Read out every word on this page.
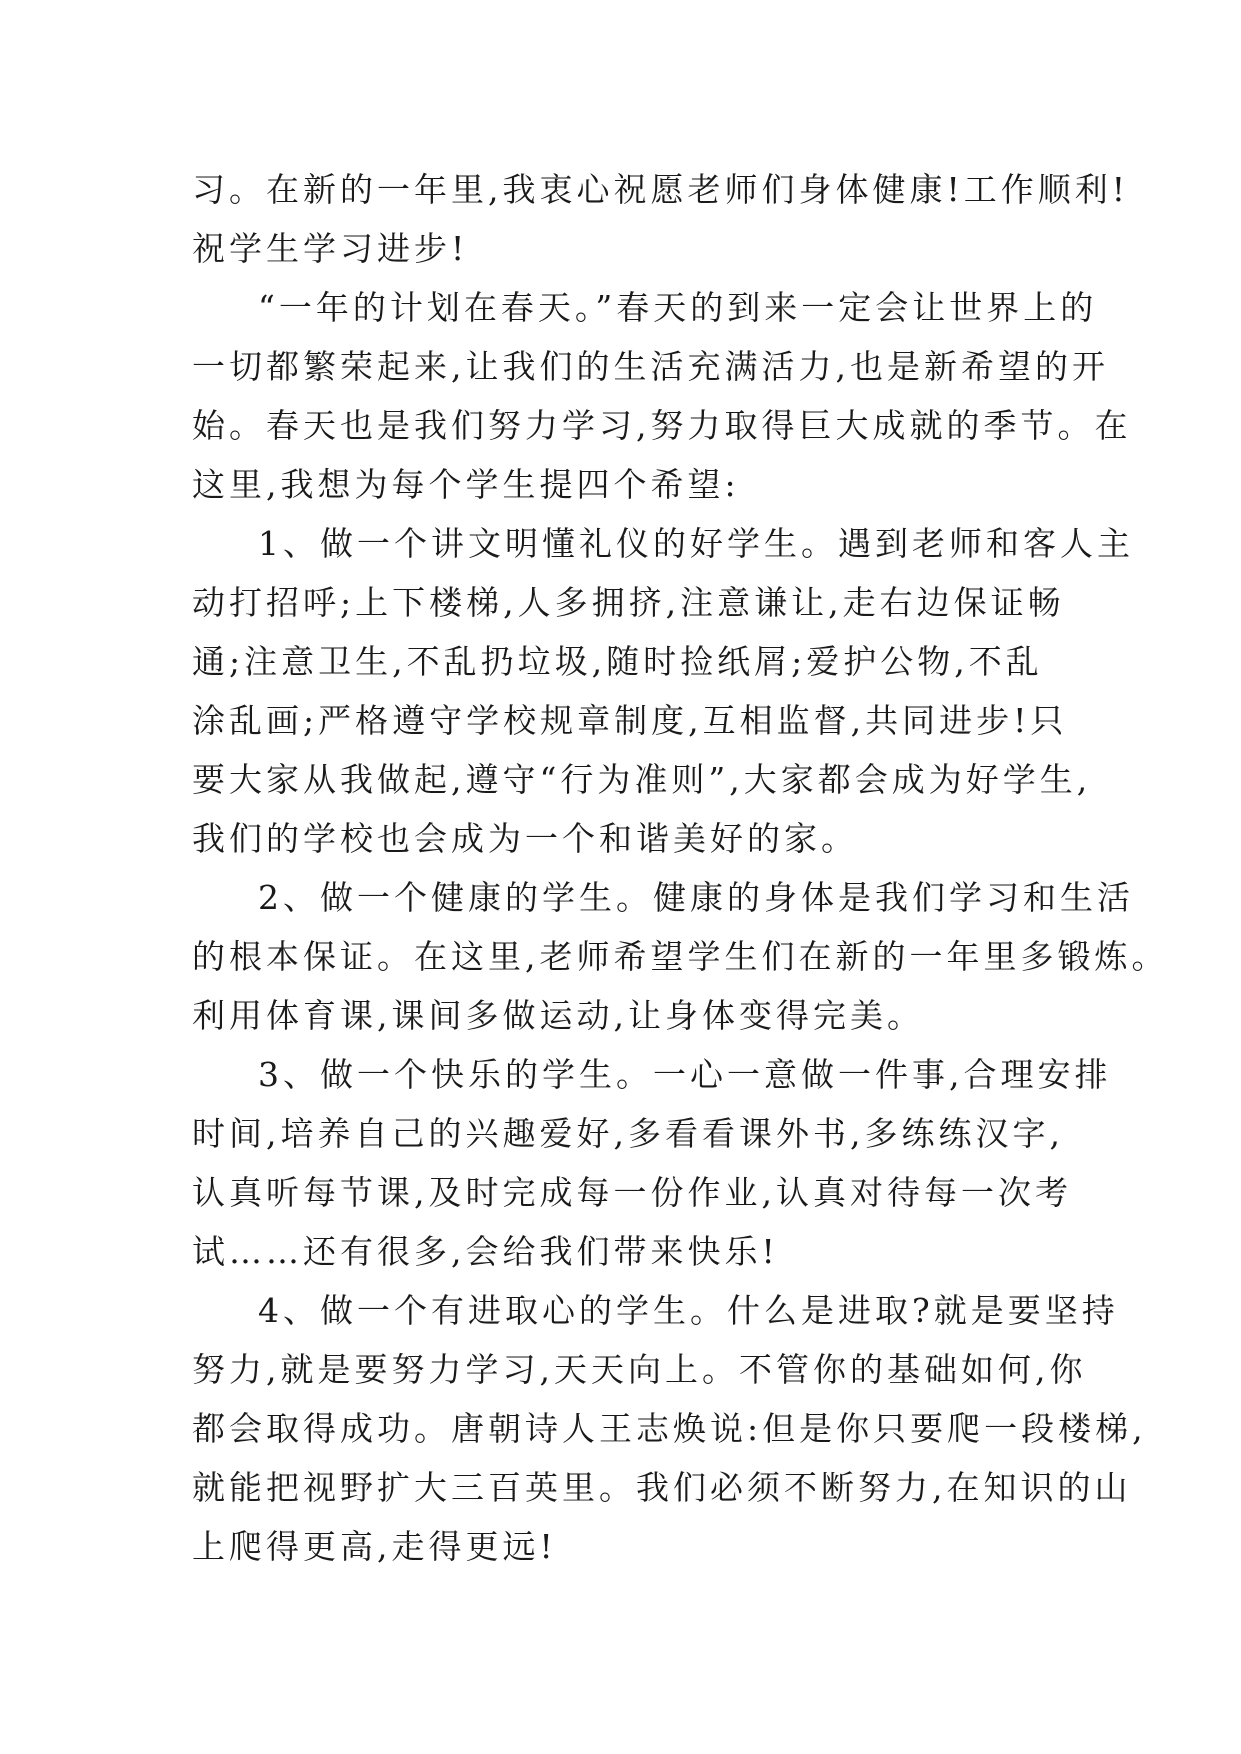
习。在新的一年里,我衷心祝愿老师们身体健康!工作顺利!
祝学生学习进步!
“一年的计划在春天。”春天的到来一定会让世界上的
一切都繁荣起来,让我们的生活充满活力,也是新希望的开
始。春天也是我们努力学习,努力取得巨大成就的季节。在
这里,我想为每个学生提四个希望:
1、做一个讲文明懂礼仪的好学生。遇到老师和客人主
动打招呼;上下楼梯,人多拥挤,注意谦让,走右边保证畅
通;注意卫生,不乱扔垃圾,随时捡纸屑;爱护公物,不乱
涂乱画;严格遵守学校规章制度,互相监督,共同进步!只
要大家从我做起,遵守“行为准则”,大家都会成为好学生,
我们的学校也会成为一个和谐美好的家。
2、做一个健康的学生。健康的身体是我们学习和生活
的根本保证。在这里,老师希望学生们在新的一年里多锻炼。
利用体育课,课间多做运动,让身体变得完美。
3、做一个快乐的学生。一心一意做一件事,合理安排
时间,培养自己的兴趣爱好,多看看课外书,多练练汉字,
认真听每节课,及时完成每一份作业,认真对待每一次考
试……还有很多,会给我们带来快乐!
4、做一个有进取心的学生。什么是进取?就是要坚持
努力,就是要努力学习,天天向上。不管你的基础如何,你
都会取得成功。唐朝诗人王志焕说:但是你只要爬一段楼梯,
就能把视野扩大三百英里。我们必须不断努力,在知识的山
上爬得更高,走得更远!
